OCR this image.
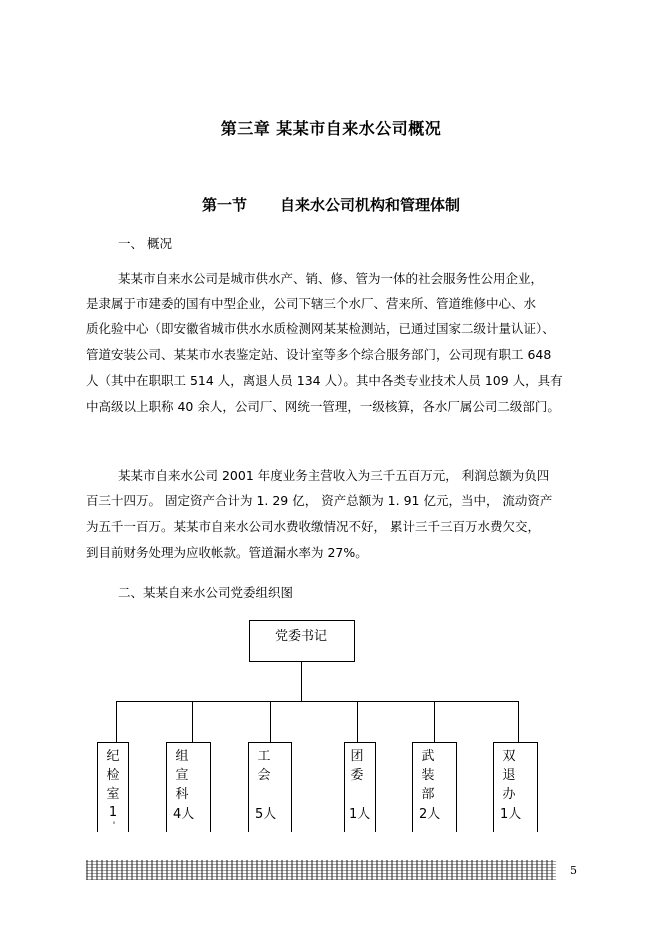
第三章 某某市自来水公司概况
第一节 自来水公司机构和管理体制
一、 概况
某某市自来水公司是城市供水产、销、修、管为一体的社会服务性公用企业，
是隶属于市建委的国有中型企业，公司下辖三个水厂、营来所、管道维修中心、水
质化验中心（即安徽省城市供水水质检测网某某检测站，已通过国家二级计量认证）、
管道安装公司、某某市水表鉴定站、设计室等多个综合服务部门，公司现有职工 648
人（其中在职职工 514 人，离退人员 134 人）。其中各类专业技术人员 109 人，具有
中高级以上职称 40 余人，公司厂、网统一管理，一级核算，各水厂属公司二级部门。
某某市自来水公司 2001 年度业务主营收入为三千五百万元， 利润总额为负四
百三十四万。 固定资产合计为 1. 29 亿， 资产总额为 1. 91 亿元，当中， 流动资产
为五千一百万。某某市自来水公司水费收缴情况不好， 累计三千三百万水费欠交，
到目前财务处理为应收帐款。管道漏水率为 27%。
二、某某自来水公司党委组织图
党委书记
纪
检
室
1
'
组
宣
科
4人
工
会
5人
团
委
1人
武
装
部
2人
双
退
办
1人
5
